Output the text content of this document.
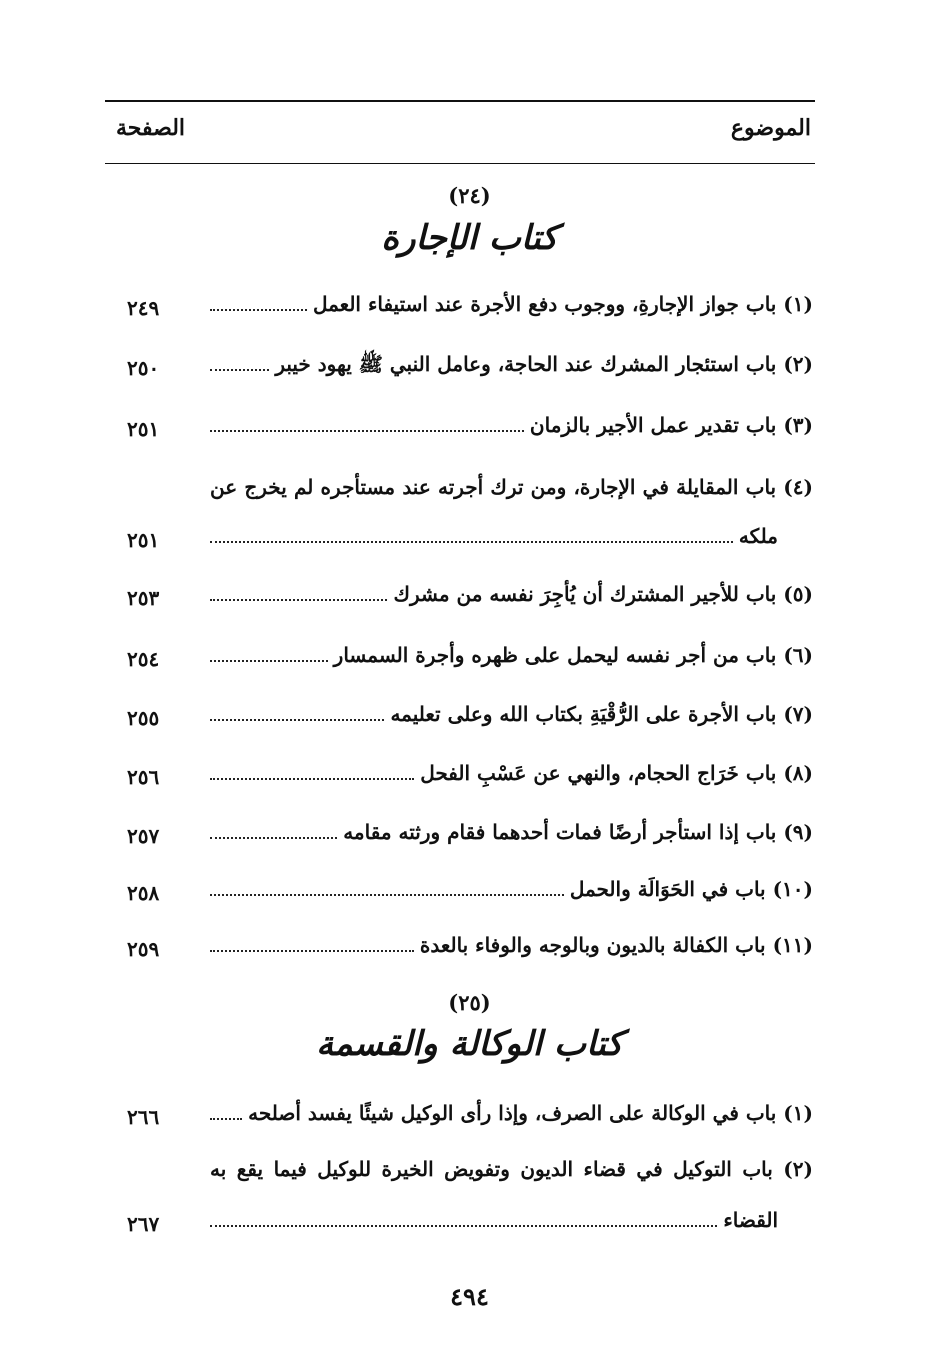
الموضوع
الصفحة
(٢٤)
كتاب الإجارة
(١) باب جواز الإجارةِ، ووجوب دفع الأجرة عند استيفاء العمل
٢٤٩
(٢) باب استئجار المشرك عند الحاجة، وعامل النبي ﷺ يهود خيبر
٢٥٠
(٣) باب تقدير عمل الأجير بالزمان
٢٥١
(٤) باب المقايلة في الإجارة، ومن ترك أجرته عند مستأجره لم يخرج عن
ملكه
٢٥١
(٥) باب للأجير المشترك أن يُأجِرَ نفسه من مشرك
٢٥٣
(٦) باب من أجر نفسه ليحمل على ظهره وأجرة السمسار
٢٥٤
(٧) باب الأجرة على الرُّقْيَةِ بكتاب الله وعلى تعليمه
٢٥٥
(٨) باب خَرَاج الحجام، والنهي عن عَسْبِ الفحل
٢٥٦
(٩) باب إذا استأجر أرضًا فمات أحدهما فقام ورثته مقامه
٢٥٧
(١٠) باب في الحَوَالَة والحمل
٢٥٨
(١١) باب الكفالة بالديون وبالوجه والوفاء بالعدة
٢٥٩
(٢٥)
كتاب الوكالة والقسمة
(١) باب في الوكالة على الصرف، وإذا رأى الوكيل شيئًا يفسد أصلحه
٢٦٦
(٢) باب التوكيل في قضاء الديون وتفويض الخيرة للوكيل فيما يقع به
القضاء
٢٦٧
٤٩٤
